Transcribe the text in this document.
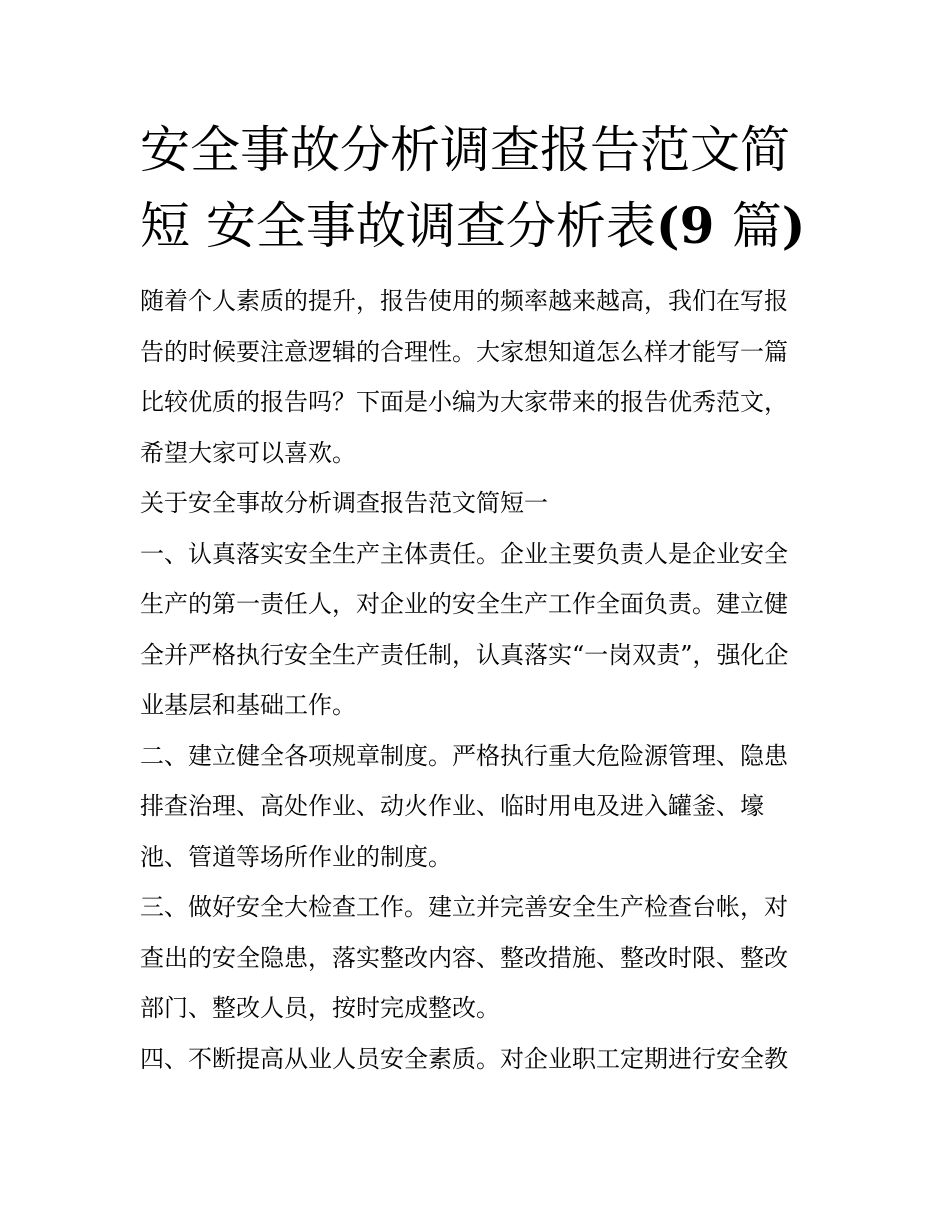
安全事故分析调查报告范文简
短 安全事故调查分析表(9 篇)

随着个人素质的提升，报告使用的频率越来越高，我们在写报
告的时候要注意逻辑的合理性。大家想知道怎么样才能写一篇
比较优质的报告吗？下面是小编为大家带来的报告优秀范文，
希望大家可以喜欢。

关于安全事故分析调查报告范文简短一

一、认真落实安全生产主体责任。企业主要负责人是企业安全
生产的第一责任人，对企业的安全生产工作全面负责。建立健
全并严格执行安全生产责任制，认真落实“一岗双责”，强化企
业基层和基础工作。

二、建立健全各项规章制度。严格执行重大危险源管理、隐患
排查治理、高处作业、动火作业、临时用电及进入罐釜、壕
池、管道等场所作业的制度。

三、做好安全大检查工作。建立并完善安全生产检查台帐，对
查出的安全隐患，落实整改内容、整改措施、整改时限、整改
部门、整改人员，按时完成整改。

四、不断提高从业人员安全素质。对企业职工定期进行安全教
